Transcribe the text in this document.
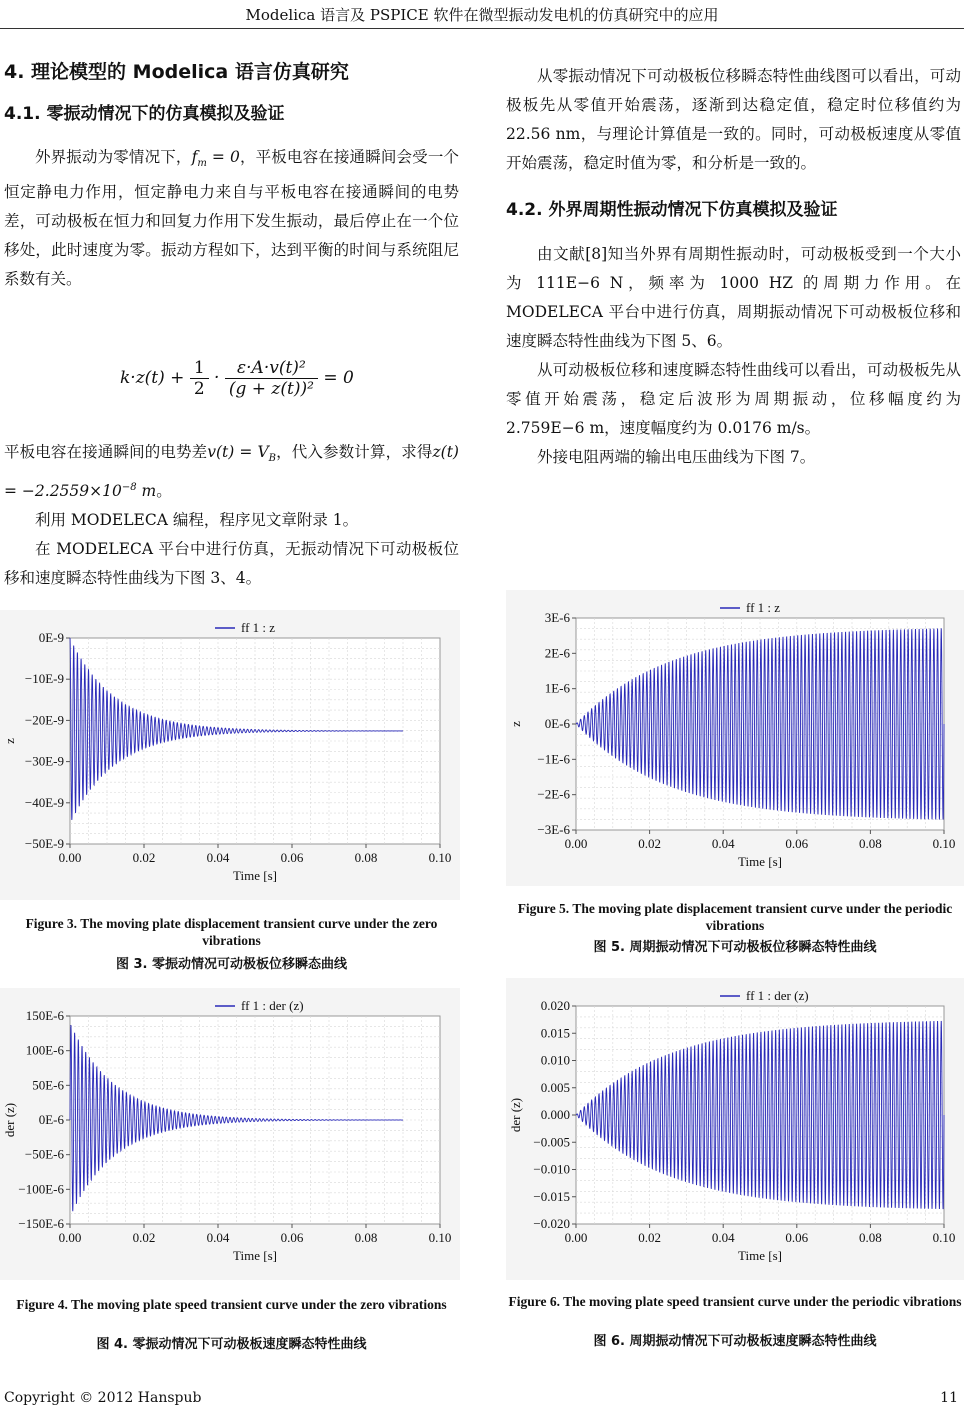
Modelica 语言及 PSPICE 软件在微型振动发电机的仿真研究中的应用
4. 理论模型的 Modelica 语言仿真研究
4.1. 零振动情况下的仿真模拟及验证

外界振动为零情况下，$f_m = 0$，平板电容在接通瞬间会受一个恒定静电力作用，恒定静电力来自与平板电容在接通瞬间的电势差，可动极板在恒力和回复力作用下发生振动，最后停止在一个位移处，此时速度为零。振动方程如下，达到平衡的时间与系统阻尼系数有关。

$k\cdot z(t) + \frac{1}{2} \cdot \frac{\text{ε·A·v(t)²}}{\text{(g + z(t))²}} = 0$

平板电容在接通瞬间的电势差$v(t) = V_B$，代入参数计算，求得$z(t) = -2.2559\times 10^{-8}$ m。

利用 MODELECA 编程，程序见文章附录 1。

在 MODELECA 平台中进行仿真，无振动情况下可动极板位移和速度瞬态特性曲线为下图 3、4。

从零振动情况下可动极板位移瞬态特性曲线图可以看出，可动极板先从零值开始震荡，逐渐到达稳定值，稳定时位移值约为 22.56 nm，与理论计算值是一致的。同时，可动极板速度从零值开始震荡，稳定时值为零，和分析是一致的。

4.2. 外界周期性振动情况下仿真模拟及验证

由文献[8]知当外界有周期性振动时，可动极板受到一个大小为 111E−6 N，频率为 1000 HZ 的周期力作用。在 MODELECA 平台中进行仿真，周期振动情况下可动极板位移和速度瞬态特性曲线为下图 5、6。

从可动极板位移和速度瞬态特性曲线可以看出，可动极板先从零值开始震荡，稳定后波形为周期振动，位移幅度约为 2.759E−6 m，速度幅度约为 0.0176 m/s。

外接电阻两端的输出电压曲线为下图 7。

0.00	0.02	0.04	0.06	0.08	0.10
0E-9
−10E-9
−20E-9
−30E-9
−40E-9
−50E-9
Time [s]
z
ff 1 : z
0.00	0.02	0.04	0.06	0.08	0.10
3E-6
2E-6
1E-6
0E-6
−1E-6
−2E-6
−3E-6
Time [s]
z
ff 1 : z
0.00	0.02	0.04	0.06	0.08	0.10
150E-6
100E-6
50E-6
0E-6
−50E-6
−100E-6
−150E-6
Time [s]
der (z)
ff 1 : der (z)
0.00	0.02	0.04	0.06	0.08	0.10
0.020
0.015
0.010
0.005
0.000
−0.005
−0.010
−0.015
−0.020
Time [s]
der (z)
ff 1 : der (z)
Figure 3. The moving plate displacement transient curve under the zero vibrations
图 3. 零振动情况可动极板位移瞬态曲线
Figure 5. The moving plate displacement transient curve under the periodic vibrations
图 5. 周期振动情况下可动极板位移瞬态特性曲线
Figure 4. The moving plate speed transient curve under the zero vibrations
图 4. 零振动情况下可动极板速度瞬态特性曲线
Figure 6. The moving plate speed transient curve under the periodic vibrations
图 6. 周期振动情况下可动极板速度瞬态特性曲线
Copyright © 2012 Hanspub	11
